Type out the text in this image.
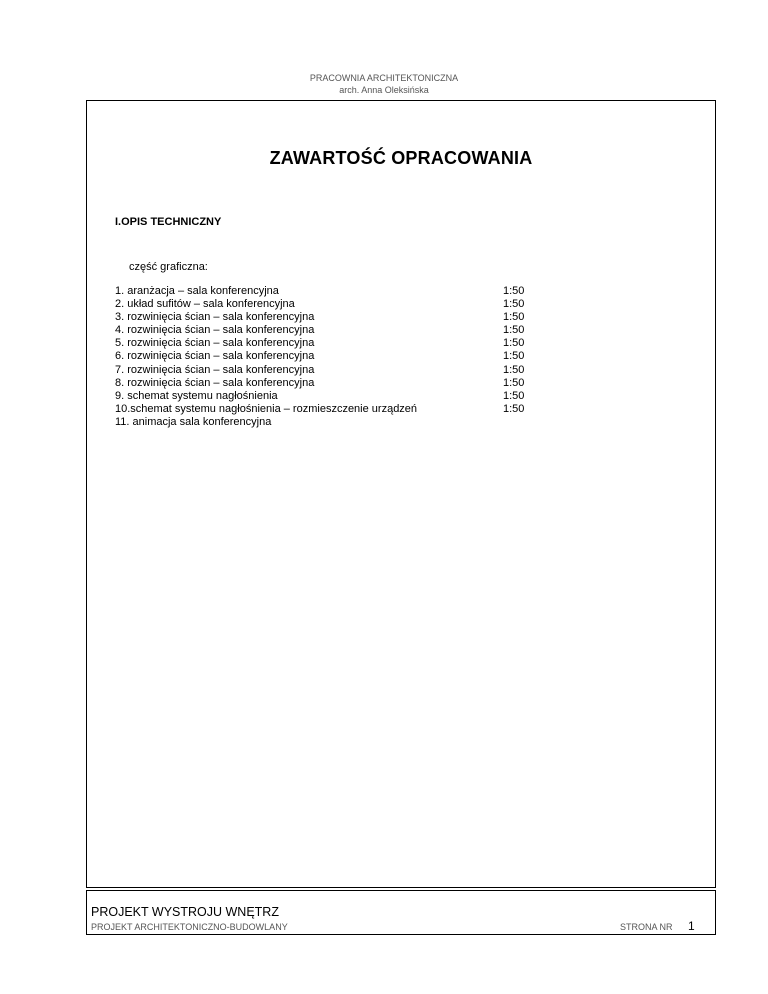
PRACOWNIA ARCHITEKTONICZNA
arch. Anna Oleksińska
ZAWARTOŚĆ OPRACOWANIA
I.OPIS TECHNICZNY
część graficzna:
1. aranżacja – sala konferencyjna	1:50
2. układ sufitów – sala konferencyjna	1:50
3. rozwinięcia ścian – sala konferencyjna	1:50
4. rozwinięcia ścian – sala konferencyjna	1:50
5. rozwinięcia ścian – sala konferencyjna	1:50
6. rozwinięcia ścian – sala konferencyjna	1:50
7. rozwinięcia ścian – sala konferencyjna	1:50
8. rozwinięcia ścian – sala konferencyjna	1:50
9. schemat systemu nagłośnienia	1:50
10.schemat systemu nagłośnienia – rozmieszczenie urządzeń	1:50
11. animacja sala konferencyjna
PROJEKT WYSTROJU WNĘTRZ
PROJEKT ARCHITEKTONICZNO-BUDOWLANY	STRONA NR 1
